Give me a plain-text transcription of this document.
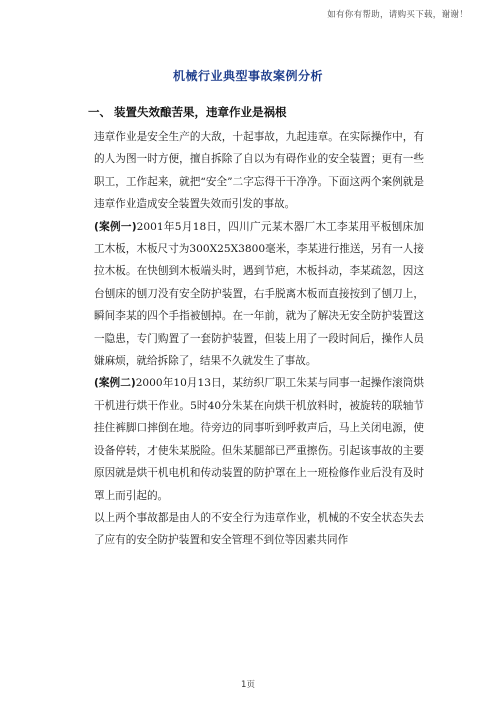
如有你有帮助，请购买下载，谢谢！
机械行业典型事故案例分析
一、 装置失效酿苦果，违章作业是祸根

违章作业是安全生产的大敌，十起事故，九起违章。在实际操作中，有的人为图一时方便，擅自拆除了自以为有碍作业的安全装置；更有一些职工，工作起来，就把“安全”二字忘得干干净净。下面这两个案例就是违章作业造成安全装置失效而引发的事故。

(案例一)2001年5月18日，四川广元某木器厂木工李某用平板刨床加工木板，木板尺寸为300X25X3800毫米，李某进行推送，另有一人接拉木板。在快刨到木板端头时，遇到节疤，木板抖动，李某疏忽，因这台刨床的刨刀没有安全防护装置，右手脱离木板而直接按到了刨刀上，瞬间李某的四个手指被刨掉。在一年前，就为了解决无安全防护装置这一隐患，专门购置了一套防护装置，但装上用了一段时间后，操作人员嫌麻烦，就给拆除了，结果不久就发生了事故。

(案例二)2000年10月13日，某纺织厂职工朱某与同事一起操作滚筒烘干机进行烘干作业。5时40分朱某在向烘干机放料时，被旋转的联轴节挂住裤脚口摔倒在地。待旁边的同事听到呼救声后，马上关闭电源，使设备停转，才使朱某脱险。但朱某腿部已严重擦伤。引起该事故的主要原因就是烘干机电机和传动装置的防护罩在上一班检修作业后没有及时罩上而引起的。

以上两个事故都是由人的不安全行为违章作业，机械的不安全状态失去了应有的安全防护装置和安全管理不到位等因素共同作

1页
